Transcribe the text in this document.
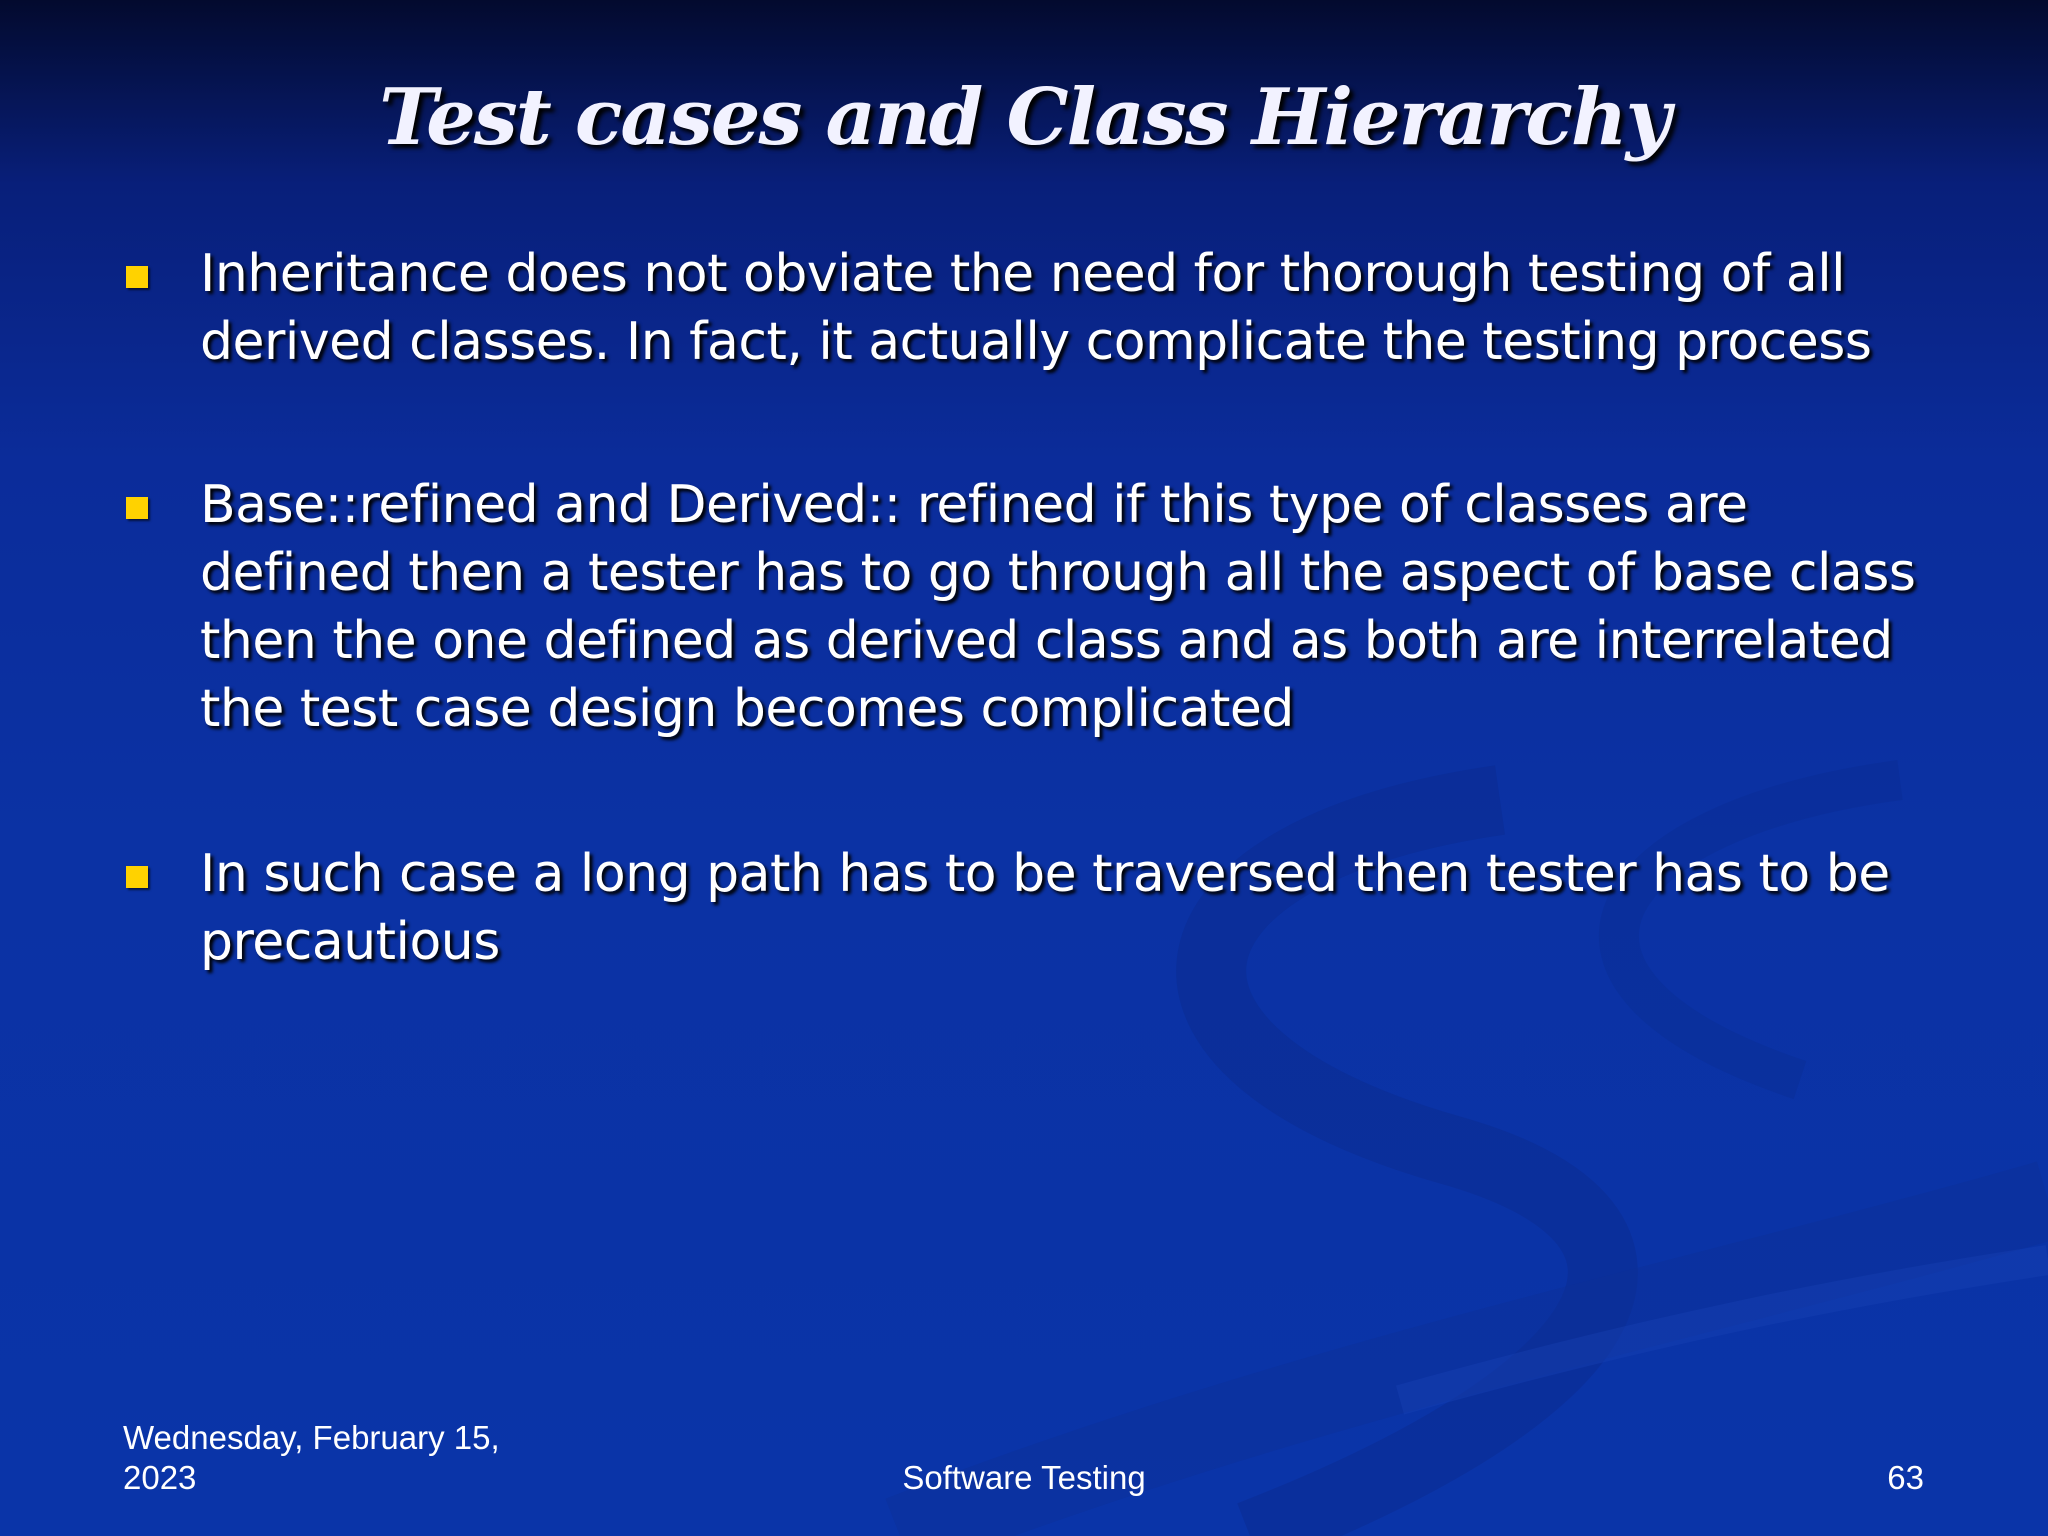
Test cases and Class Hierarchy
Inheritance does not obviate the need for thorough testing of all
derived classes. In fact, it actually complicate the testing process
Base::refined and Derived:: refined if this type of classes are
defined then a tester has to go through all the aspect of base class
then the one defined as derived class and as both are interrelated
the test case design becomes complicated
In such case a long path has to be traversed then tester has to be
precautious
Wednesday, February 15,
2023	Software Testing	63
